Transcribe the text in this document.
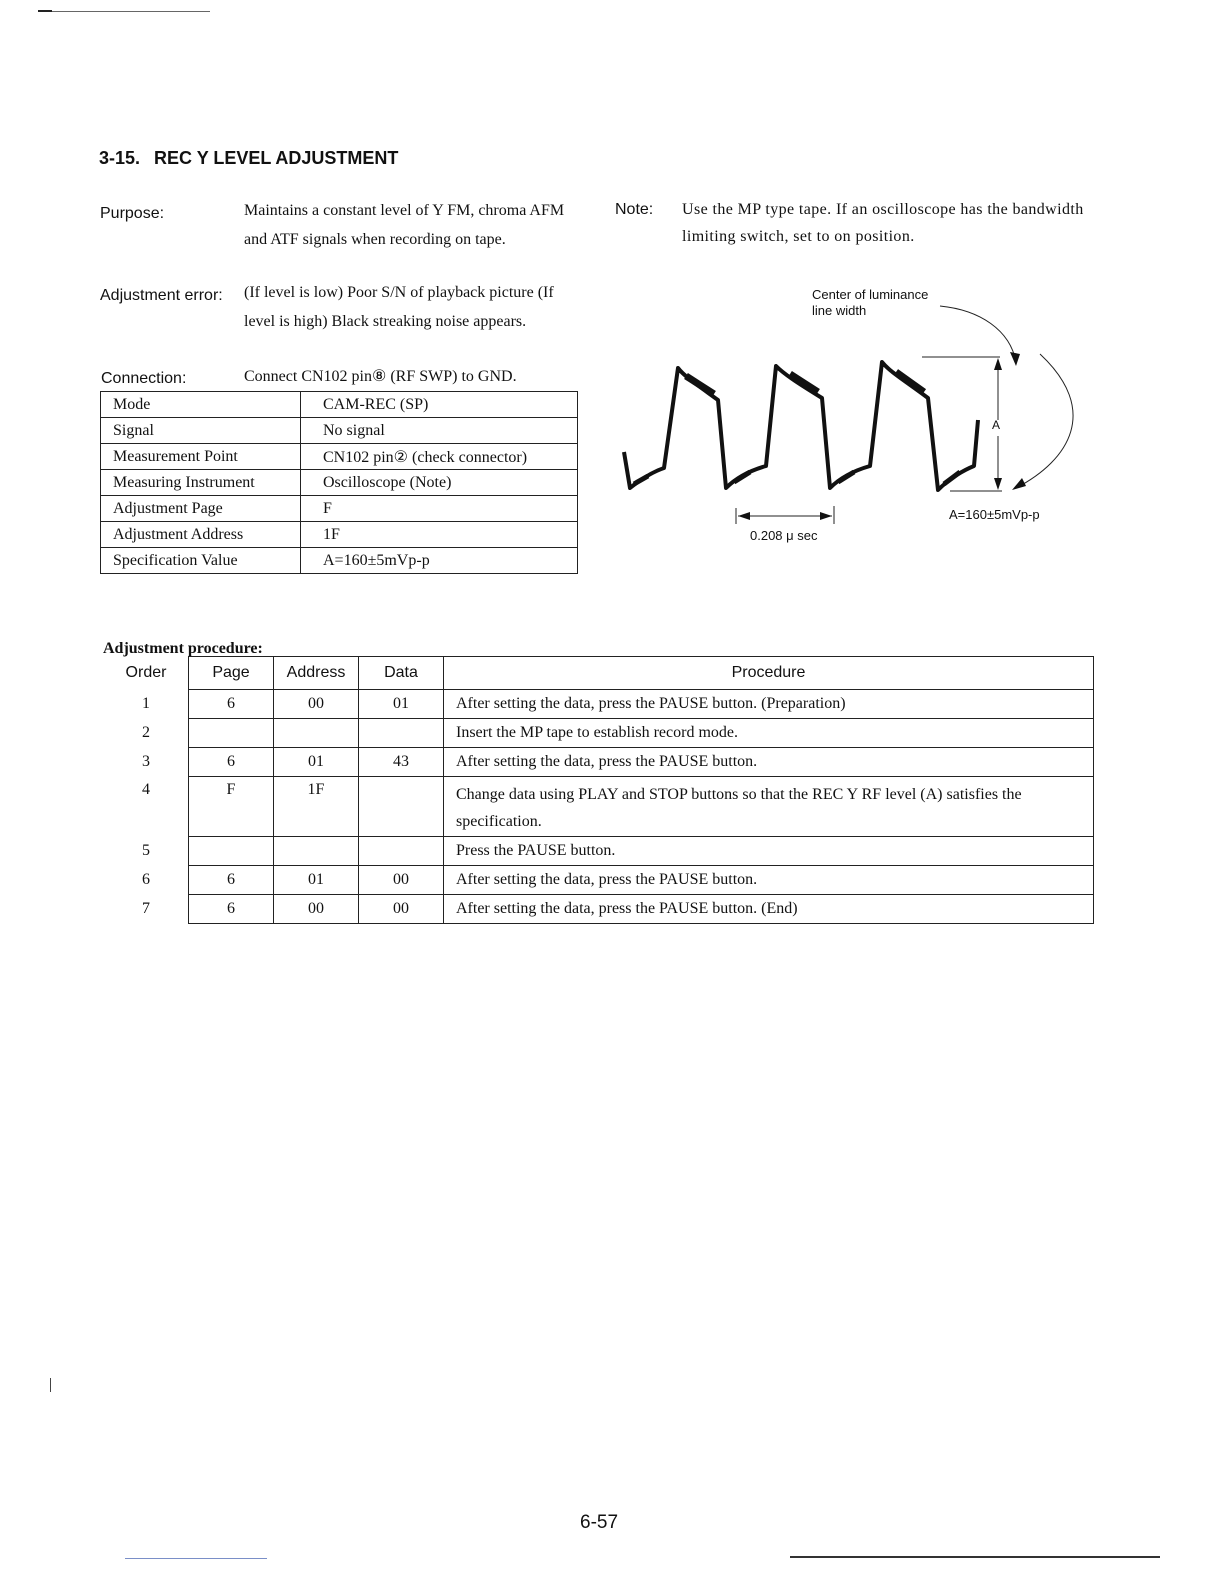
3-15. REC Y LEVEL ADJUSTMENT
Purpose:	Maintains a constant level of Y FM, chroma AFM and ATF signals when recording on tape.
Adjustment error: (If level is low) Poor S/N of playback picture (If level is high) Black streaking noise appears.
Connection:	Connect CN102 pin⑧ (RF SWP) to GND.
Mode	CAM-REC (SP)
Signal	No signal
Measurement Point	CN102 pin② (check connector)
Measuring Instrument	Oscilloscope (Note)
Adjustment Page	F
Adjustment Address	1F
Specification Value	A=160±5mVp-p
Note: Use the MP type tape. If an oscilloscope has the bandwidth limiting switch, set to on position.
Center of luminance line width
A
A=160±5mVp-p
0.208 μ sec
Adjustment procedure:
Order	Page	Address	Data	Procedure
1	6	00	01	After setting the data, press the PAUSE button. (Preparation)
2				Insert the MP tape to establish record mode.
3	6	01	43	After setting the data, press the PAUSE button.
4	F	1F		Change data using PLAY and STOP buttons so that the REC Y RF level (A) satisfies the specification.
5				Press the PAUSE button.
6	6	01	00	After setting the data, press the PAUSE button.
7	6	00	00	After setting the data, press the PAUSE button. (End)
6-57
